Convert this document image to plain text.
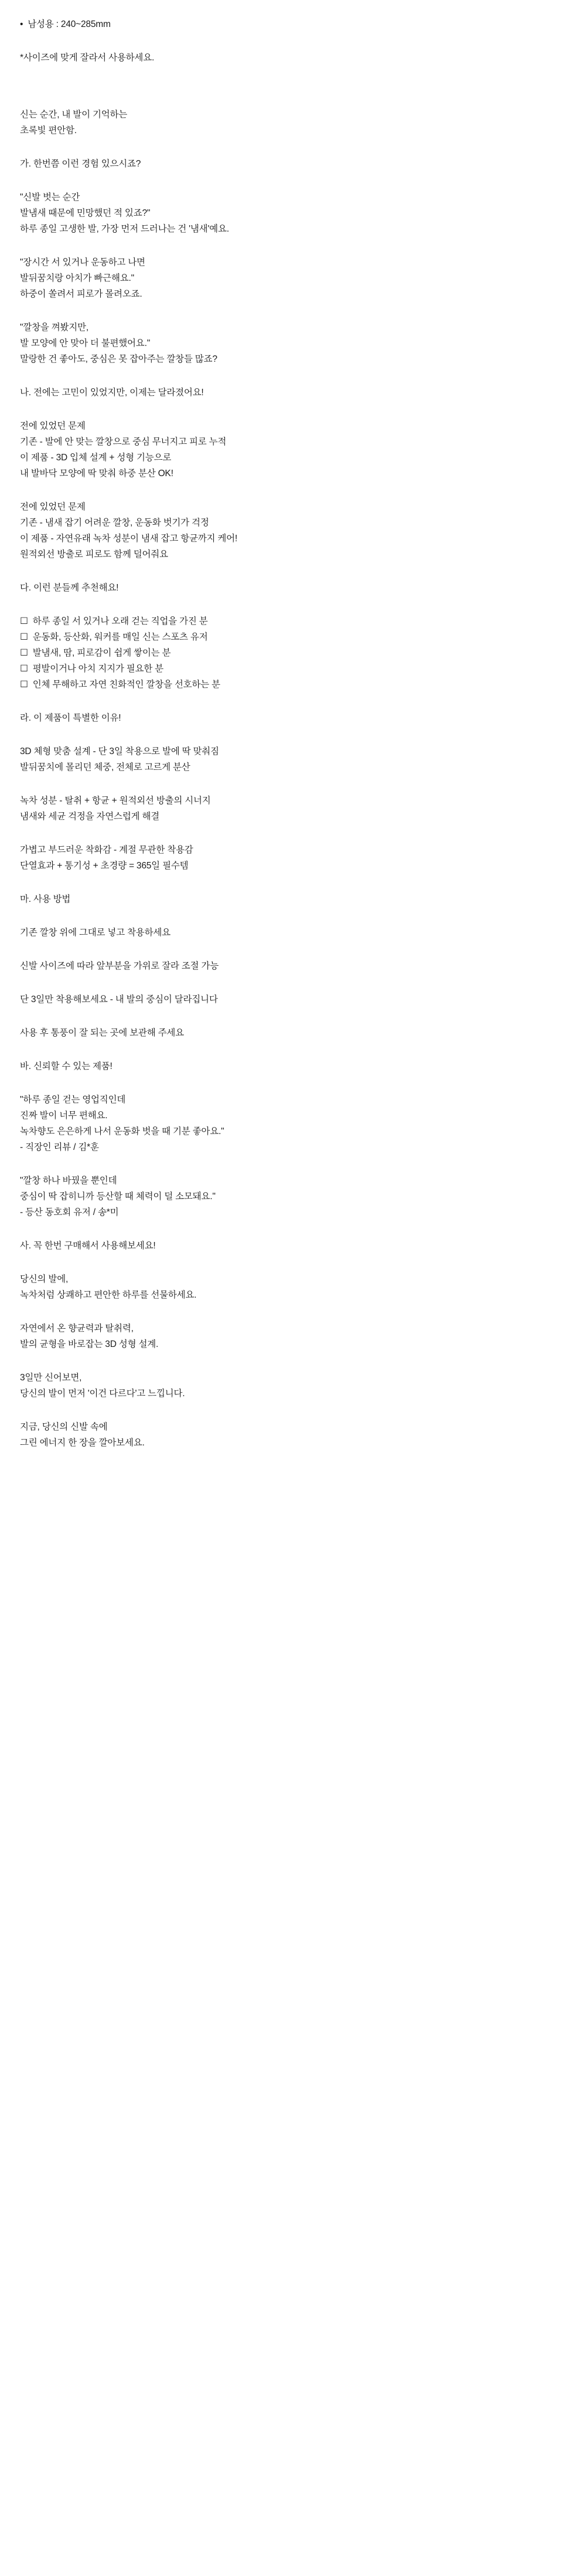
• 남성용 : 240~285mm
*사이즈에 맞게 잘라서 사용하세요.
신는 순간, 내 발이 기억하는
초록빛 편안함.
가. 한번쯤 이런 경험 있으시죠?
"신발 벗는 순간
발냄새 때문에 민망했던 적 있죠?"
하루 종일 고생한 발, 가장 먼저 드러나는 건 '냄새'예요.
"장시간 서 있거나 운동하고 나면
발뒤꿈치랑 아치가 빠근해요."
하중이 쏠려서 피로가 몰려오죠.
"깔창을 껴봤지만,
발 모양에 안 맞아 더 불편했어요."
말랑한 건 좋아도, 중심은 못 잡아주는 깔창들 많죠?
나. 전에는 고민이 있었지만, 이제는 달라졌어요!
전에 있었던 문제
기존 - 발에 안 맞는 깔창으로 중심 무너지고 피로 누적
이 제품 - 3D 입체 설계 + 성형 기능으로
내 발바닥 모양에 딱 맞춰 하중 분산 OK!
전에 있었던 문제
기존 - 냄새 잡기 어려운 깔창, 운동화 벗기가 걱정
이 제품 - 자연유래 녹차 성분이 냄새 잡고 항균까지 케어!
원적외선 방출로 피로도 함께 덜어줘요
다. 이런 분들께 추천해요!
☐ 하루 종일 서 있거나 오래 걷는 직업을 가진 분
☐ 운동화, 등산화, 워커를 매일 신는 스포츠 유저
☐ 발냄새, 땀, 피로감이 쉽게 쌓이는 분
☐ 평발이거나 아치 지지가 필요한 분
☐ 인체 무해하고 자연 친화적인 깔창을 선호하는 분
라. 이 제품이 특별한 이유!
3D 체형 맞춤 설계 - 단 3일 착용으로 발에 딱 맞춰짐
발뒤꿈치에 몰리던 체중, 전체로 고르게 분산
녹차 성분 - 탈취 + 항균 + 원적외선 방출의 시너지
냄새와 세균 걱정을 자연스럽게 해결
가볍고 부드러운 착화감 - 계절 무관한 착용감
단열효과 + 통기성 + 초경량 = 365일 필수템
마. 사용 방법
기존 깔창 위에 그대로 넣고 착용하세요
신발 사이즈에 따라 앞부분을 가위로 잘라 조절 가능
단 3일만 착용해보세요 - 내 발의 중심이 달라집니다
사용 후 통풍이 잘 되는 곳에 보관해 주세요
바. 신뢰할 수 있는 제품!
"하루 종일 걷는 영업직인데
진짜 발이 너무 편해요.
녹차향도 은은하게 나서 운동화 벗을 때 기분 좋아요."
- 직장인 리뷰 / 김*훈
"깔창 하나 바꿨을 뿐인데
중심이 딱 잡히니까 등산할 때 체력이 덜 소모돼요."
- 등산 동호회 유저 / 송*미
사. 꼭 한번 구매해서 사용해보세요!
당신의 발에,
녹차처럼 상쾌하고 편안한 하루를 선물하세요.
자연에서 온 향균력과 탈취력,
발의 균형을 바로잡는 3D 성형 설계.
3일만 신어보면,
당신의 발이 먼저 '이건 다르다'고 느낍니다.
지금, 당신의 신발 속에
그린 에너지 한 장을 깔아보세요.
